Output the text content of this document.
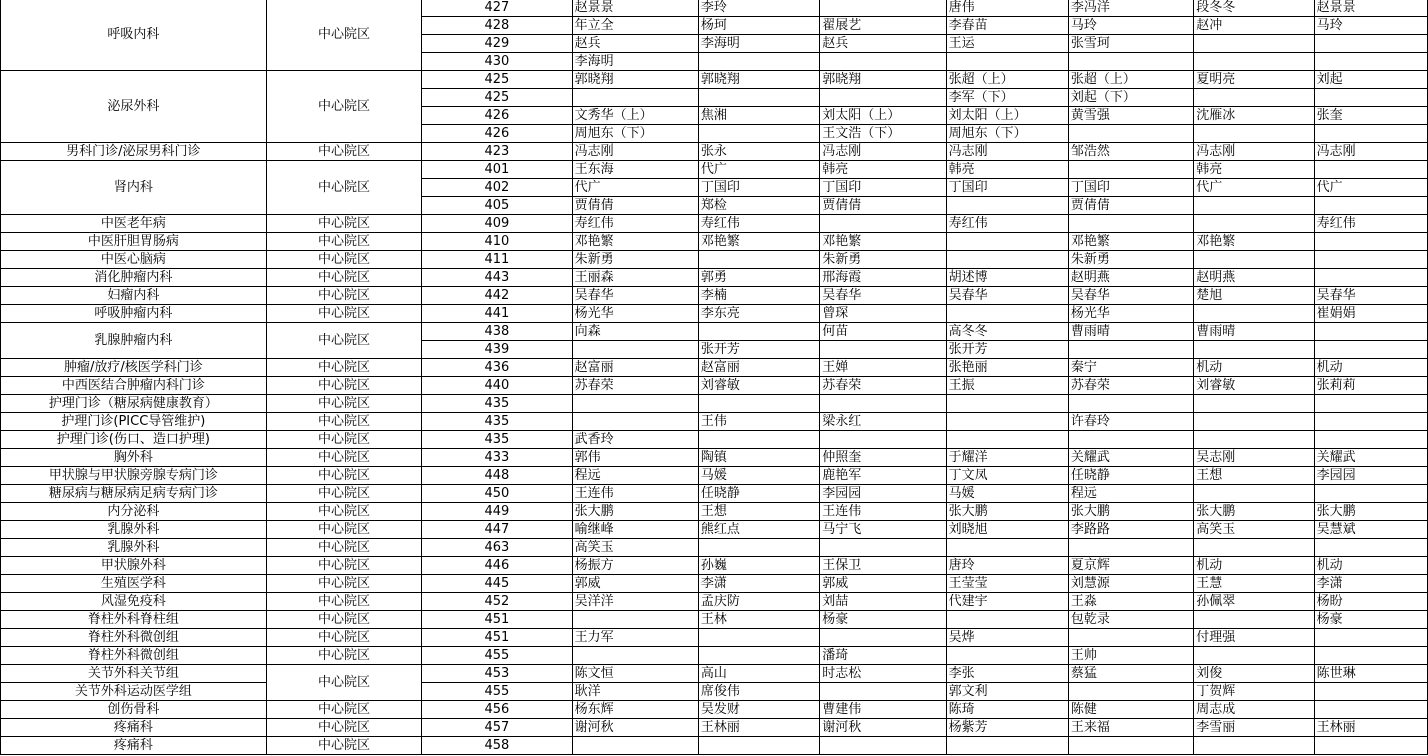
呼吸内科	中心院区	427	赵景景	李玲		唐伟	李冯洋	段冬冬	赵景景
		428	年立全	杨珂	翟展艺	李春苗	马玲	赵冲	马玲
		429	赵兵	李海明	赵兵	王运	张雪珂		
		430	李海明						
泌尿外科	中心院区	425	郭晓翔	郭晓翔	郭晓翔	张超（上）	张超（上）	夏明亮	刘起
		425				李军（下）	刘起（下）		
		426	文秀华（上）	焦湘	刘太阳（上）	刘太阳（上）	黄雪强	沈雁冰	张奎
		426	周旭东（下）		王文浩（下）	周旭东（下）			
男科门诊/泌尿男科门诊	中心院区	423	冯志刚	张永	冯志刚	冯志刚	邹浩然	冯志刚	冯志刚
肾内科	中心院区	401	王东海	代广	韩亮	韩亮		韩亮	
		402	代广	丁国印	丁国印	丁国印	丁国印	代广	代广
		405	贾倩倩	郑检	贾倩倩		贾倩倩		
中医老年病	中心院区	409	寿红伟	寿红伟		寿红伟			寿红伟
中医肝胆胃肠病	中心院区	410	邓艳繁	邓艳繁	邓艳繁		邓艳繁	邓艳繁	
中医心脑病	中心院区	411	朱新勇		朱新勇		朱新勇		
消化肿瘤内科	中心院区	443	王丽森	郭勇	邢海霞	胡述博	赵明燕	赵明燕	
妇瘤内科	中心院区	442	吴春华	李楠	吴春华	吴春华	吴春华	楚旭	吴春华
呼吸肿瘤内科	中心院区	441	杨光华	李东亮	曾琛		杨光华		崔娟娟
乳腺肿瘤内科	中心院区	438	向森		何苗	高冬冬	曹雨晴	曹雨晴	
		439		张开芳		张开芳			
肿瘤/放疗/核医学科门诊	中心院区	436	赵富丽	赵富丽	王婵	张艳丽	秦宁	机动	机动
中西医结合肿瘤内科门诊	中心院区	440	苏春荣	刘睿敏	苏春荣	王振	苏春荣	刘睿敏	张莉莉
护理门诊（糖尿病健康教育）	中心院区	435							
护理门诊(PICC导管维护)	中心院区	435		王伟	梁永红		许春玲		
护理门诊(伤口、造口护理)	中心院区	435	武香玲						
胸外科	中心院区	433	郭伟	陶镇	仲照奎	于耀洋	关耀武	吴志刚	关耀武
甲状腺与甲状腺旁腺专病门诊	中心院区	448	程远	马媛	鹿艳军	丁文凤	任晓静	王想	李园园
糖尿病与糖尿病足病专病门诊	中心院区	450	王连伟	任晓静	李园园	马媛	程远		
内分泌科	中心院区	449	张大鹏	王想	王连伟	张大鹏	张大鹏	张大鹏	张大鹏
乳腺外科	中心院区	447	喻继峰	熊红点	马宁飞	刘晓旭	李路路	高笑玉	吴慧斌
乳腺外科	中心院区	463	高笑玉						
甲状腺外科	中心院区	446	杨振方	孙巍	王保卫	唐玲	夏京辉	机动	机动
生殖医学科	中心院区	445	郭威	李潇	郭威	王莹莹	刘慧源	王慧	李潇
风湿免疫科	中心院区	452	吴洋洋	孟庆防	刘喆	代建宇	王淼	孙佩翠	杨盼
脊柱外科脊柱组	中心院区	451		王林	杨豪		包乾录		杨豪
脊柱外科微创组	中心院区	451	王力军			吴烨		付理强	
脊柱外科微创组	中心院区	455			潘琦		王帅		
关节外科关节组	中心院区	453	陈文恒	高山	时志松	李张	蔡猛	刘俊	陈世琳
关节外科运动医学组		455	耿洋	席俊伟		郭文利		丁贺辉	
创伤骨科	中心院区	456	杨东辉	吴发财	曹建伟	陈琦	陈健	周志成	
疼痛科	中心院区	457	谢河秋	王林丽	谢河秋	杨紫芳	王来福	李雪丽	王林丽
疼痛科	中心院区	458							
